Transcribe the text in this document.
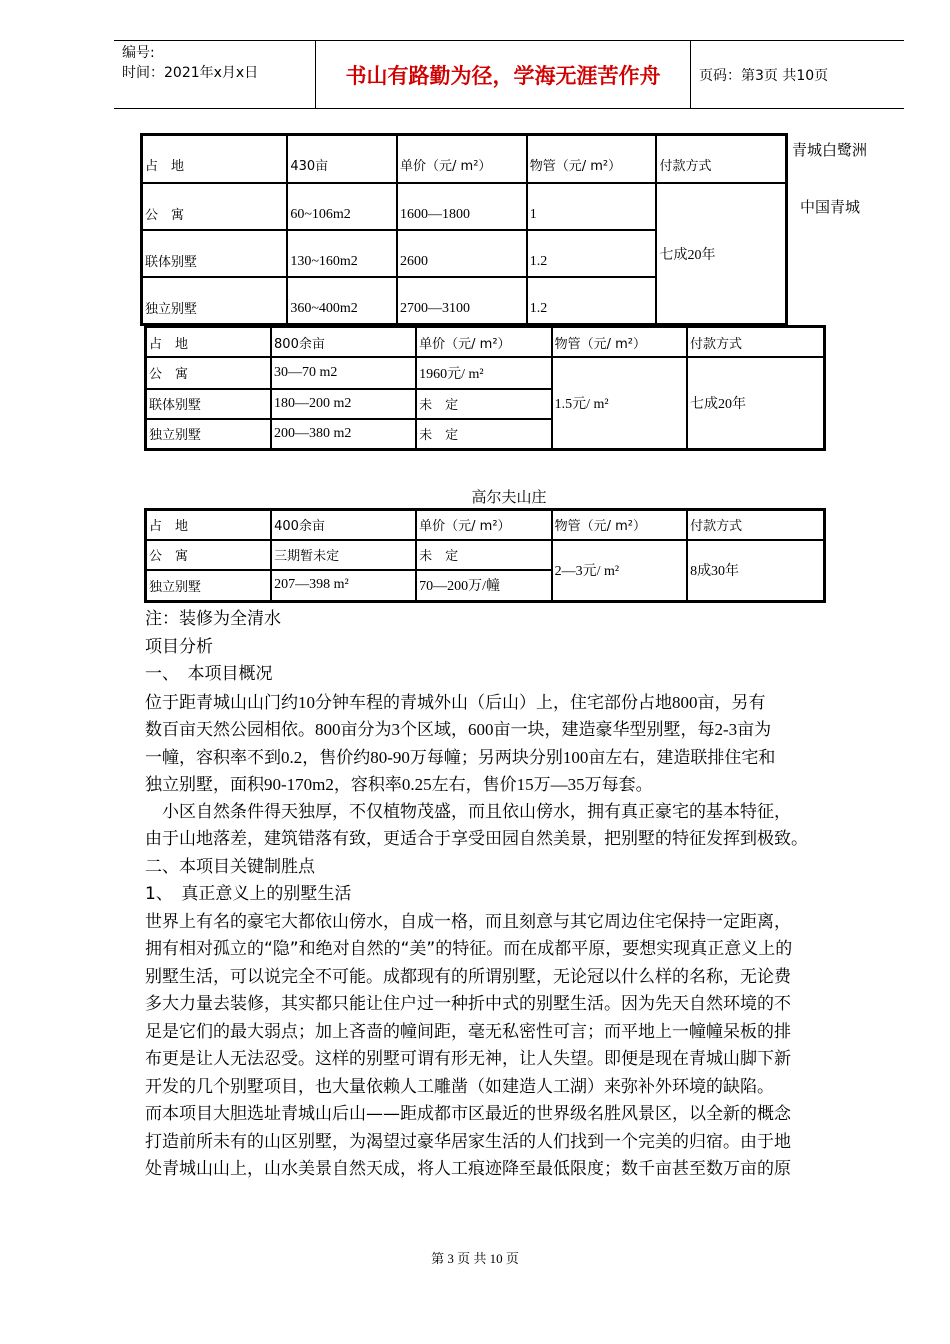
编号:
时间：2021年x月x日	书山有路勤为径，学海无涯苦作舟	页码：第3页 共10页
青城白鹭洲
中国青城
占　地	430亩	单价（元/ m²）	物管（元/ m²）	付款方式
公　寓	60~106m2	1600—1800	1	七成20年
联体别墅	130~160m2	2600	1.2	
独立别墅	360~400m2	2700—3100	1.2	
占　地	800余亩	单价（元/ m²）	物管（元/ m²）	付款方式
公　寓	30—70 m2	1960元/ m²	1.5元/ m²	七成20年
联体别墅	180—200 m2	未　定		
独立别墅	200—380 m2	未　定		
高尔夫山庄
占　地	400余亩	单价（元/ m²）	物管（元/ m²）	付款方式
公　寓	三期暂未定	未　定	2—3元/ m²	8成30年
独立别墅	207—398 m²	70—200万/幢		

注：装修为全清水

项目分析

一、　本项目概况

位于距青城山山门约10分钟车程的青城外山（后山）上，住宅部份占地800亩，另有

数百亩天然公园相依。800亩分为3个区域，600亩一块，建造豪华型别墅，每2-3亩为

一幢，容积率不到0.2，售价约80-90万每幢；另两块分别100亩左右，建造联排住宅和

独立别墅，面积90-170m2，容积率0.25左右，售价15万—35万每套。

　小区自然条件得天独厚，不仅植物茂盛，而且依山傍水，拥有真正豪宅的基本特征，

由于山地落差，建筑错落有致，更适合于享受田园自然美景，把别墅的特征发挥到极致。

二、本项目关键制胜点

1、　真正意义上的别墅生活

世界上有名的豪宅大都依山傍水，自成一格，而且刻意与其它周边住宅保持一定距离，

拥有相对孤立的“隐”和绝对自然的“美”的特征。而在成都平原，要想实现真正意义上的

别墅生活，可以说完全不可能。成都现有的所谓别墅，无论冠以什么样的名称，无论费

多大力量去装修，其实都只能让住户过一种折中式的别墅生活。因为先天自然环境的不

足是它们的最大弱点；加上吝啬的幢间距，毫无私密性可言；而平地上一幢幢呆板的排

布更是让人无法忍受。这样的别墅可谓有形无神，让人失望。即便是现在青城山脚下新

开发的几个别墅项目，也大量依赖人工雕凿（如建造人工湖）来弥补外环境的缺陷。

而本项目大胆选址青城山后山——距成都市区最近的世界级名胜风景区，以全新的概念

打造前所未有的山区别墅，为渴望过豪华居家生活的人们找到一个完美的归宿。由于地

处青城山山上，山水美景自然天成，将人工痕迹降至最低限度；数千亩甚至数万亩的原

第 3 页 共 10 页
